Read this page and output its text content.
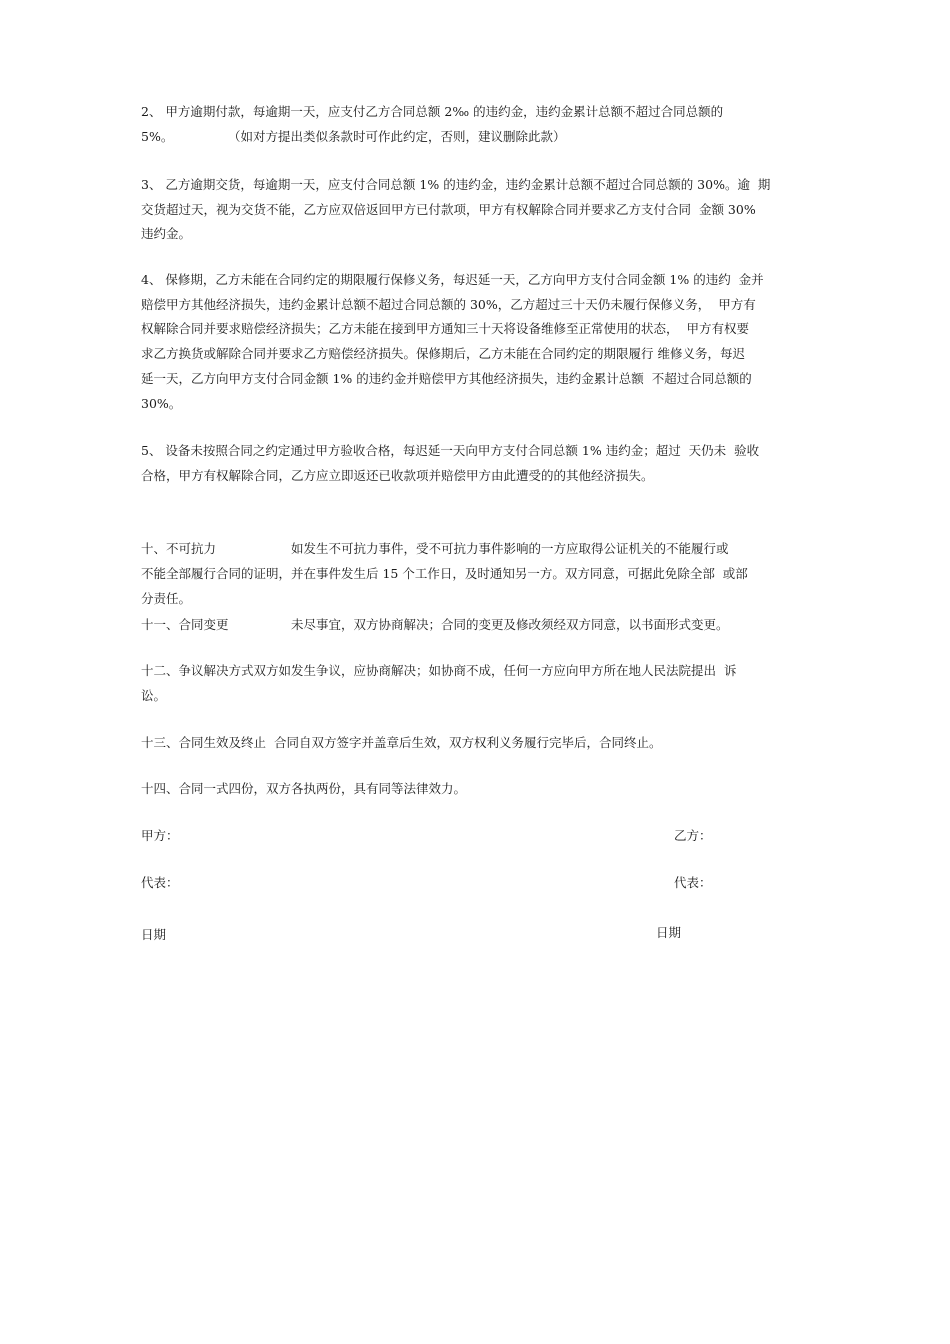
2、 甲方逾期付款，每逾期一天，应支付乙方合同总额 2‰ 的违约金，违约金累计总额不超过合同总额的
5%。	（如对方提出类似条款时可作此约定，否则，建议删除此款）
3、 乙方逾期交货，每逾期一天，应支付合同总额 1% 的违约金，违约金累计总额不超过合同总额的 30%。逾  期
交货超过天，视为交货不能，乙方应双倍返回甲方已付款项，甲方有权解除合同并要求乙方支付合同  金额 30%
违约金。
4、 保修期，乙方未能在合同约定的期限履行保修义务，每迟延一天，乙方向甲方支付合同金额 1% 的违约  金并
赔偿甲方其他经济损失，违约金累计总额不超过合同总额的 30%，乙方超过三十天仍未履行保修义务，  甲方有
权解除合同并要求赔偿经济损失；乙方未能在接到甲方通知三十天将设备维修至正常使用的状态，  甲方有权要
求乙方换货或解除合同并要求乙方赔偿经济损失。保修期后，乙方未能在合同约定的期限履行 维修义务，每迟
延一天，乙方向甲方支付合同金额 1% 的违约金并赔偿甲方其他经济损失，违约金累计总额  不超过合同总额的
30%。
5、 设备未按照合同之约定通过甲方验收合格，每迟延一天向甲方支付合同总额 1% 违约金；超过  天仍未  验收
合格，甲方有权解除合同，乙方应立即返还已收款项并赔偿甲方由此遭受的的其他经济损失。
十、不可抗力	如发生不可抗力事件，受不可抗力事件影响的一方应取得公证机关的不能履行或
不能全部履行合同的证明，并在事件发生后 15 个工作日，及时通知另一方。双方同意，可据此免除全部  或部
分责任。
十一、合同变更	未尽事宜，双方协商解决；合同的变更及修改须经双方同意，以书面形式变更。
十二、争议解决方式双方如发生争议，应协商解决；如协商不成，任何一方应向甲方所在地人民法院提出  诉
讼。
十三、合同生效及终止  合同自双方签字并盖章后生效，双方权利义务履行完毕后，合同终止。
十四、合同一式四份，双方各执两份，具有同等法律效力。
甲方：	乙方：
代表：	代表：
日期	日期
